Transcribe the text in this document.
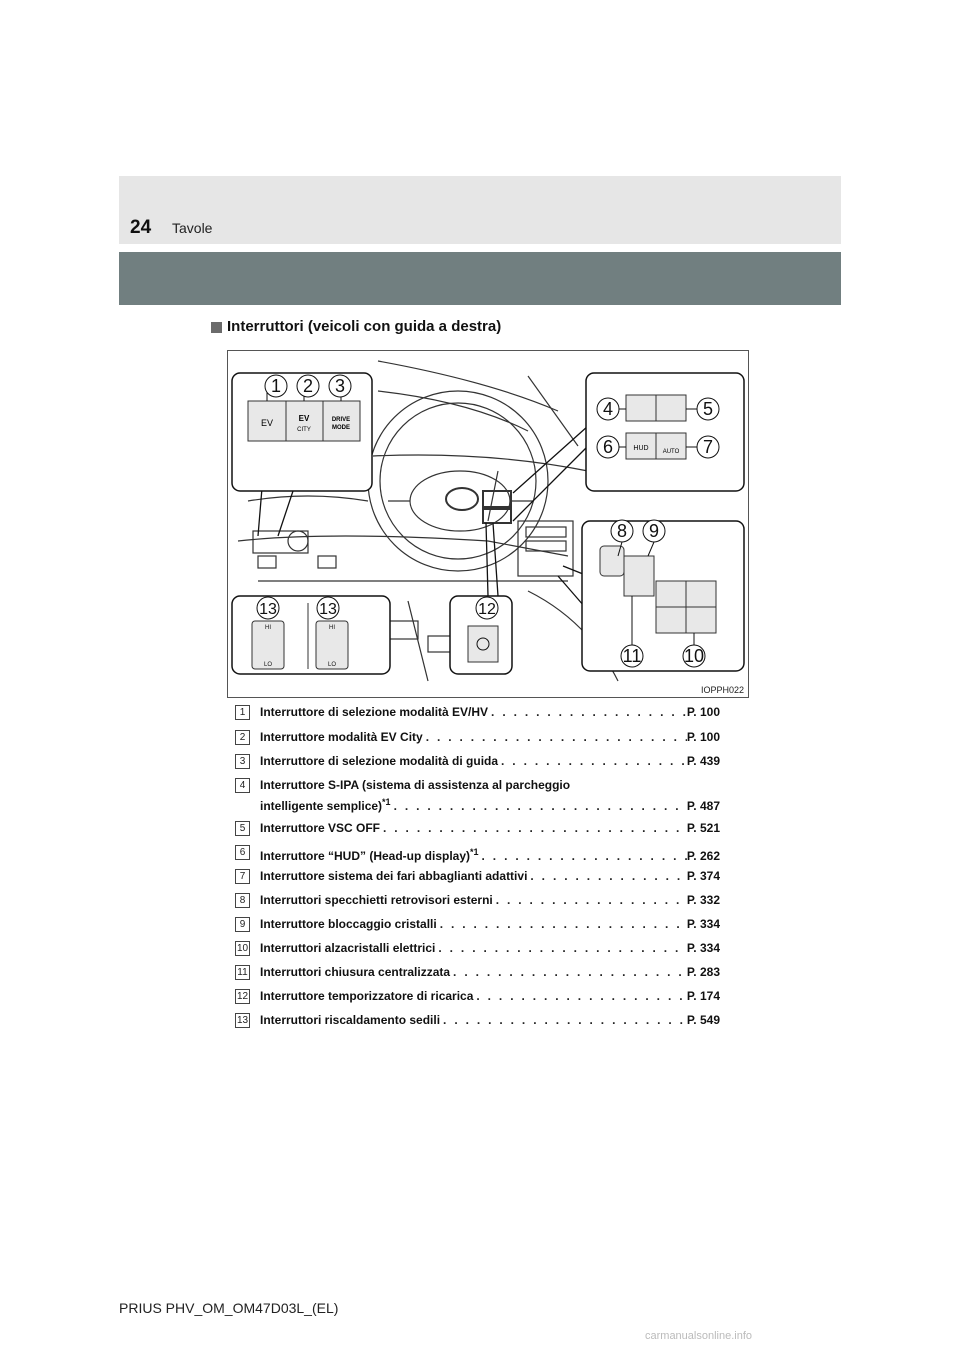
24 Tavole
Interruttori (veicoli con guida a destra)
EV	EV
CITY
DRIVE
MODE
1 2 3
HUD AUTO
4	5
6	7
8 9
11 10
HI
LO
HI
LO
13	13	12
IOPPH022
1	Interruttore di selezione modalità EV/HV . . .	P. 100
2	Interruttore modalità EV City . . .	P. 100
3	Interruttore di selezione modalità di guida . . .	P. 439
4	Interruttore S-IPA (sistema di assistenza al parcheggio
intelligente semplice)$^{*1}$ . . .	P. 487
5	Interruttore VSC OFF . . .	P. 521
6	Interruttore “HUD” (Head-up display)$^{*1}$ . . .	P. 262
7	Interruttore sistema dei fari abbaglianti adattivi . . .	P. 374
8	Interruttori specchietti retrovisori esterni . . .	P. 332
9	Interruttore bloccaggio cristalli . . .	P. 334
10 Interruttori alzacristalli elettrici . . .	P. 334
11 Interruttori chiusura centralizzata . . .	P. 283
12 Interruttore temporizzatore di ricarica . . .	P. 174
13 Interruttori riscaldamento sedili . . .	P. 549
PRIUS PHV_OM_OM47D03L_(EL)
carmanualsonline.info
